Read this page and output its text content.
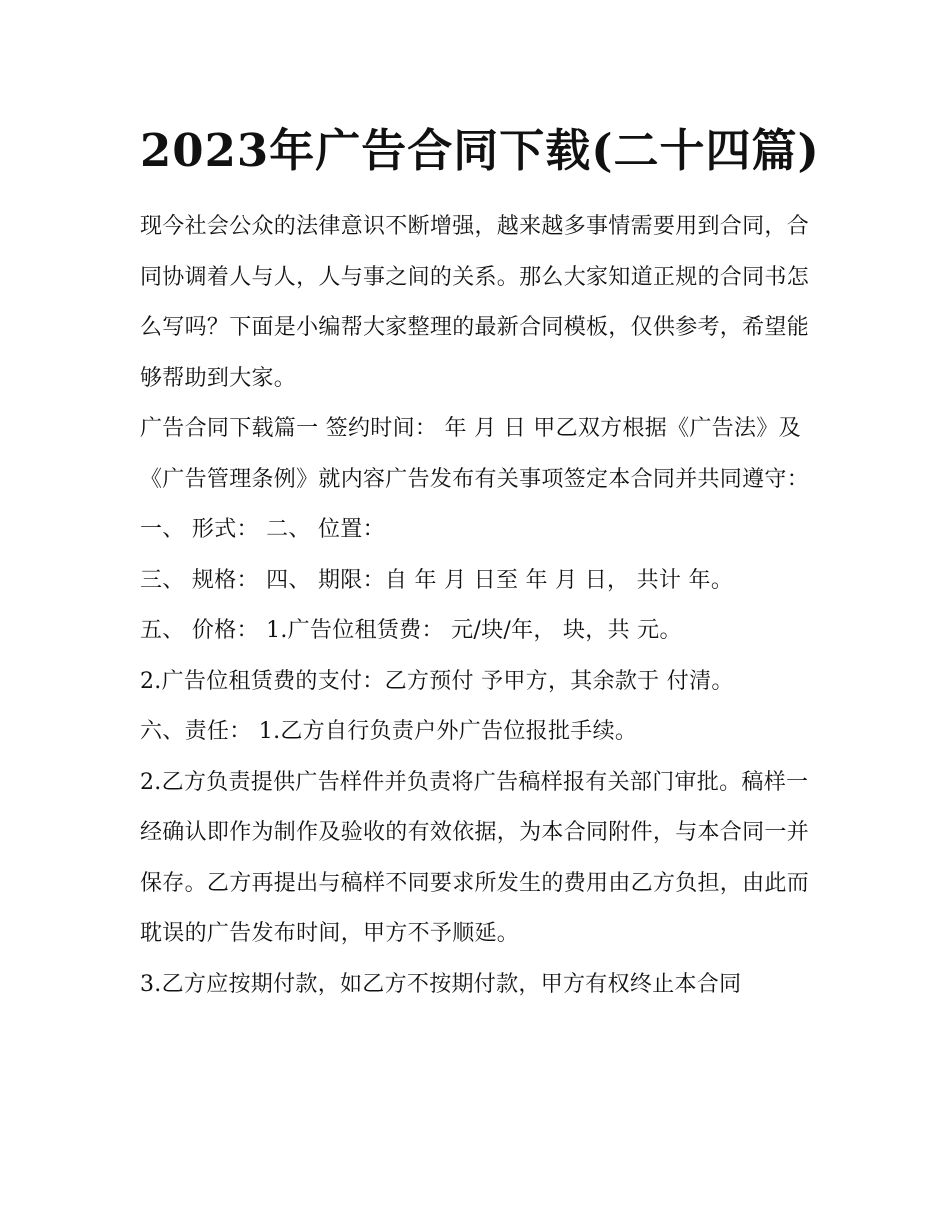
2023年广告合同下载(二十四篇)

现今社会公众的法律意识不断增强，越来越多事情需要用到合同，合同协调着人与人，人与事之间的关系。那么大家知道正规的合同书怎么写吗？下面是小编帮大家整理的最新合同模板，仅供参考，希望能够帮助到大家。

广告合同下载篇一 签约时间： 年 月 日 甲乙双方根据《广告法》及《广告管理条例》就内容广告发布有关事项签定本合同并共同遵守： 一、 形式： 二、 位置：

三、 规格： 四、 期限：自 年 月 日至 年 月 日， 共计 年。

五、 价格： 1.广告位租赁费： 元/块/年， 块，共 元。

2.广告位租赁费的支付：乙方预付 予甲方，其余款于 付清。

六、责任： 1.乙方自行负责户外广告位报批手续。

2.乙方负责提供广告样件并负责将广告稿样报有关部门审批。稿样一经确认即作为制作及验收的有效依据，为本合同附件，与本合同一并保存。乙方再提出与稿样不同要求所发生的费用由乙方负担，由此而耽误的广告发布时间，甲方不予顺延。

3.乙方应按期付款，如乙方不按期付款，甲方有权终止本合同
